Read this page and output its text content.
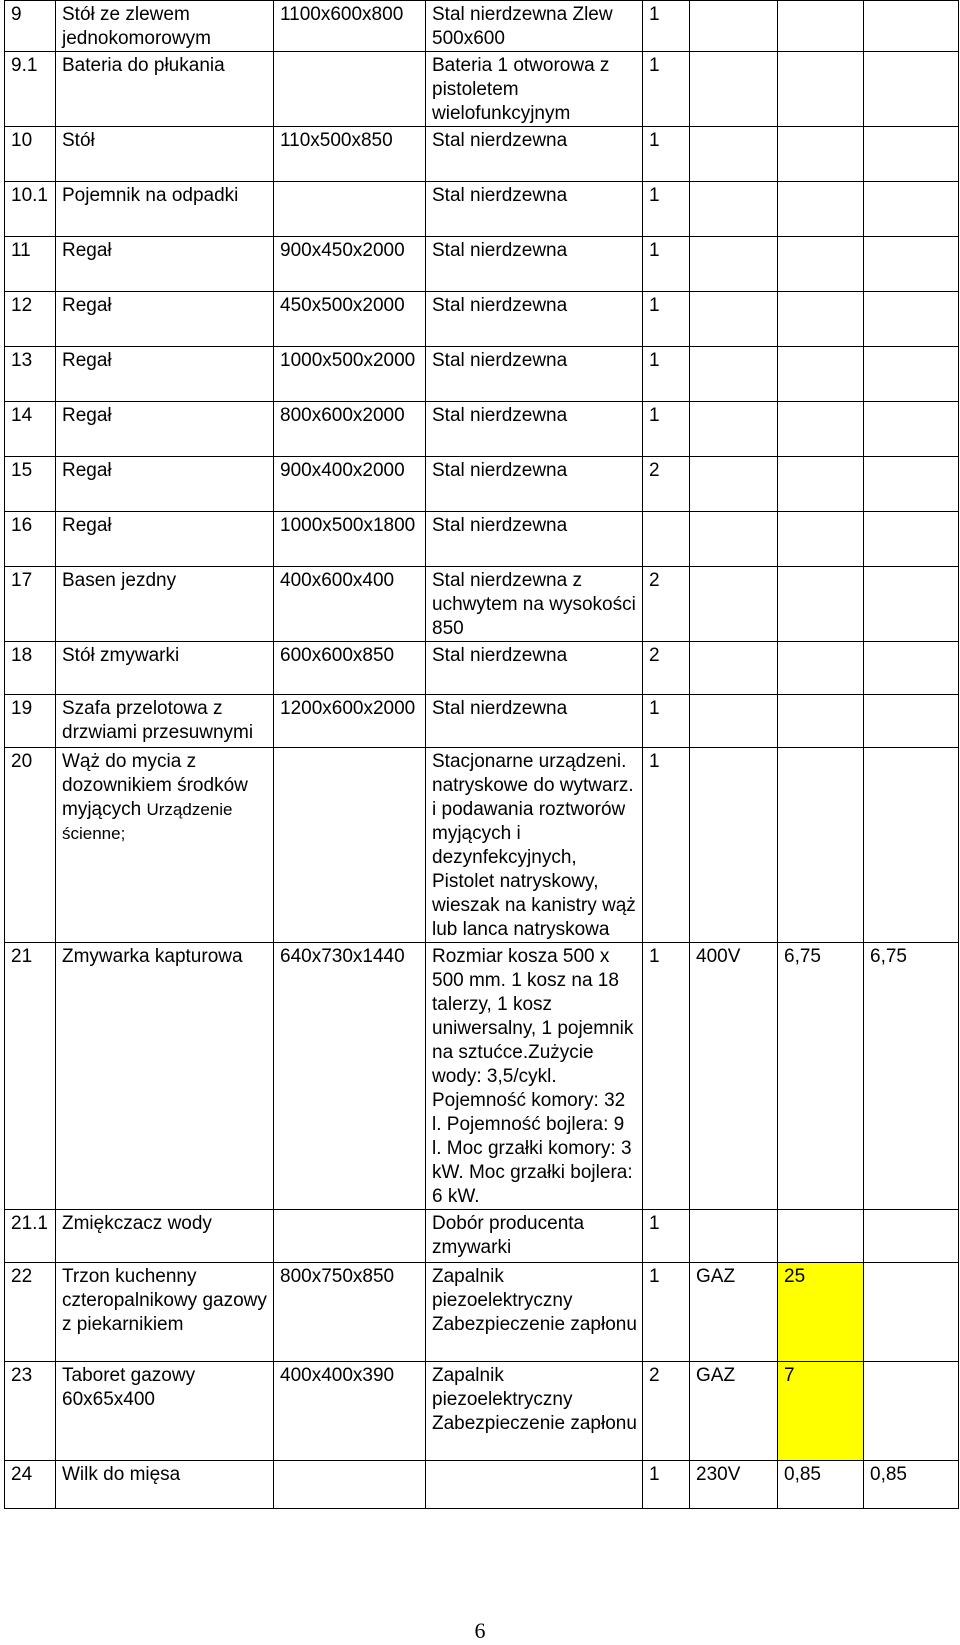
9	Stół ze zlewem jednokomorowym	1100x600x800	Stal nierdzewna Zlew 500x600	1			
9.1	Bateria do płukania		Bateria 1 otworowa z pistoletem wielofunkcyjnym	1			
10	Stół	110x500x850	Stal nierdzewna	1			
10.1	Pojemnik na odpadki		Stal nierdzewna	1			
11	Regał	900x450x2000	Stal nierdzewna	1			
12	Regał	450x500x2000	Stal nierdzewna	1			
13	Regał	1000x500x2000	Stal nierdzewna	1			
14	Regał	800x600x2000	Stal nierdzewna	1			
15	Regał	900x400x2000	Stal nierdzewna	2			
16	Regał	1000x500x1800	Stal nierdzewna				
17	Basen jezdny	400x600x400	Stal nierdzewna z uchwytem na wysokości 850	2			
18	Stół zmywarki	600x600x850	Stal nierdzewna	2			
19	Szafa przelotowa z drzwiami przesuwnymi	1200x600x2000	Stal nierdzewna	1			
20	Wąż do mycia z dozownikiem środków myjących Urządzenie ścienne;		Stacjonarne urządzeni. natryskowe do wytwarz. i podawania roztworów myjących i dezynfekcyjnych, Pistolet natryskowy, wieszak na kanistry wąż lub lanca natryskowa	1			
21	Zmywarka kapturowa	640x730x1440	Rozmiar kosza 500 x 500 mm. 1 kosz na 18 talerzy, 1 kosz uniwersalny, 1 pojemnik na sztućce.Zużycie wody: 3,5/cykl. Pojemność komory: 32 l. Pojemność bojlera: 9 l. Moc grzałki komory: 3 kW. Moc grzałki bojlera: 6 kW.	1	400V	6,75	6,75
21.1	Zmiękczacz wody		Dobór producenta zmywarki	1			
22	Trzon kuchenny czteropalnikowy gazowy z piekarnikiem	800x750x850	Zapalnik piezoelektryczny Zabezpieczenie zapłonu	1	GAZ	25	
23	Taboret gazowy 60x65x400	400x400x390	Zapalnik piezoelektryczny Zabezpieczenie zapłonu	2	GAZ	7	
24	Wilk do mięsa			1	230V	0,85	0,85
6
